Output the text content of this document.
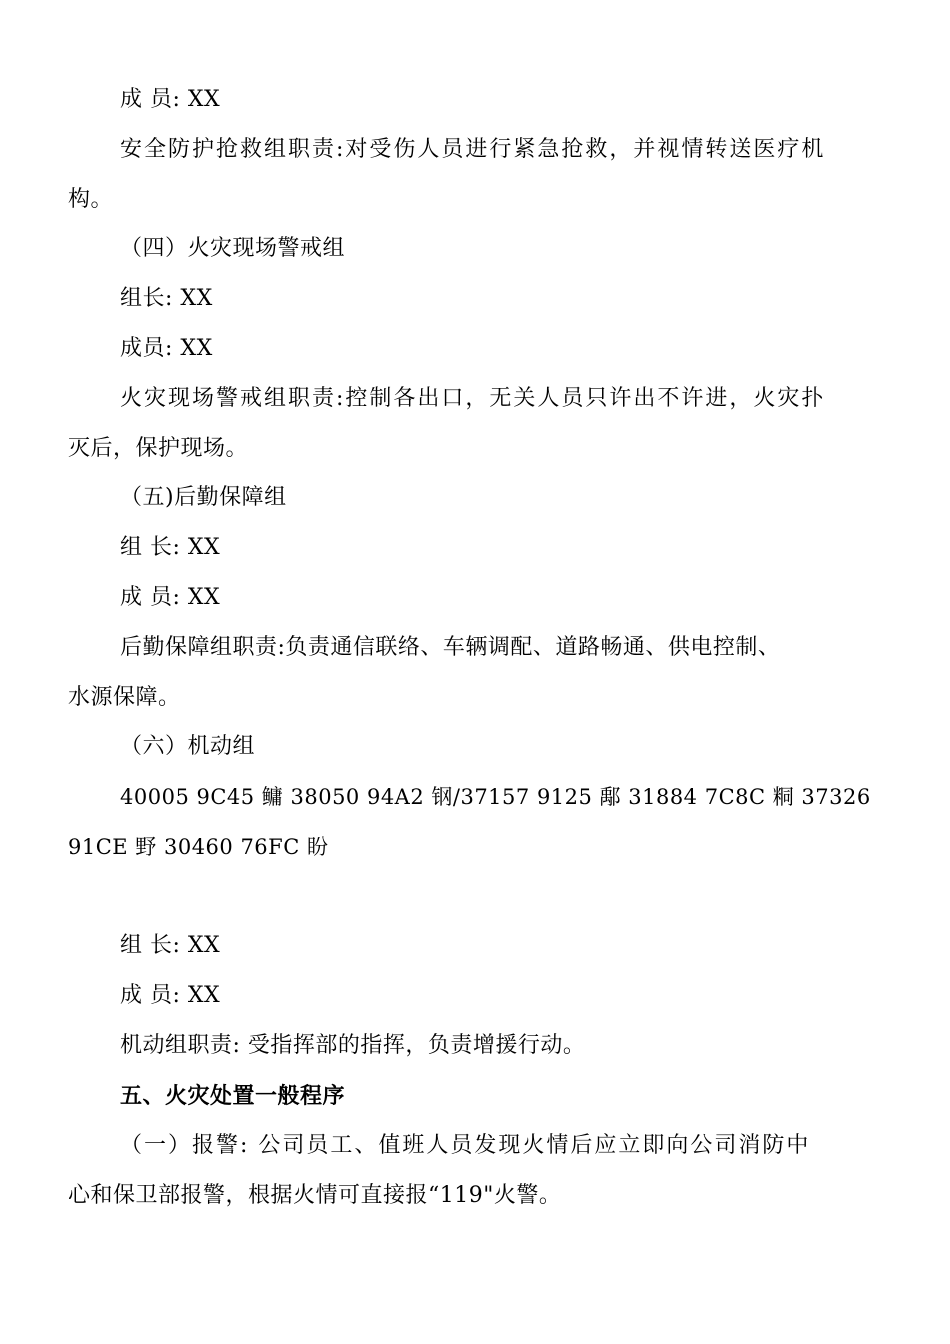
成 员: XX
安全防护抢救组职责:对受伤人员进行紧急抢救，并视情转送医疗机
构。
（四）火灾现场警戒组
组长: XX
成员: XX
火灾现场警戒组职责:控制各出口，无关人员只许出不许进，火灾扑
灭后，保护现场。
（五)后勤保障组
组 长: XX
成 员: XX
后勤保障组职责:负责通信联络、车辆调配、道路畅通、供电控制、
水源保障。
（六）机动组
40005 9C45 鳙 38050 94A2 钢/37157 9125 鄅 31884 7C8C 粡 37326
91CE 野 30460 76FC 盼
组 长: XX
成 员: XX
机动组职责: 受指挥部的指挥，负责增援行动。
五、火灾处置一般程序
（一）报警: 公司员工、值班人员发现火情后应立即向公司消防中
心和保卫部报警，根据火情可直接报“119"火警。
